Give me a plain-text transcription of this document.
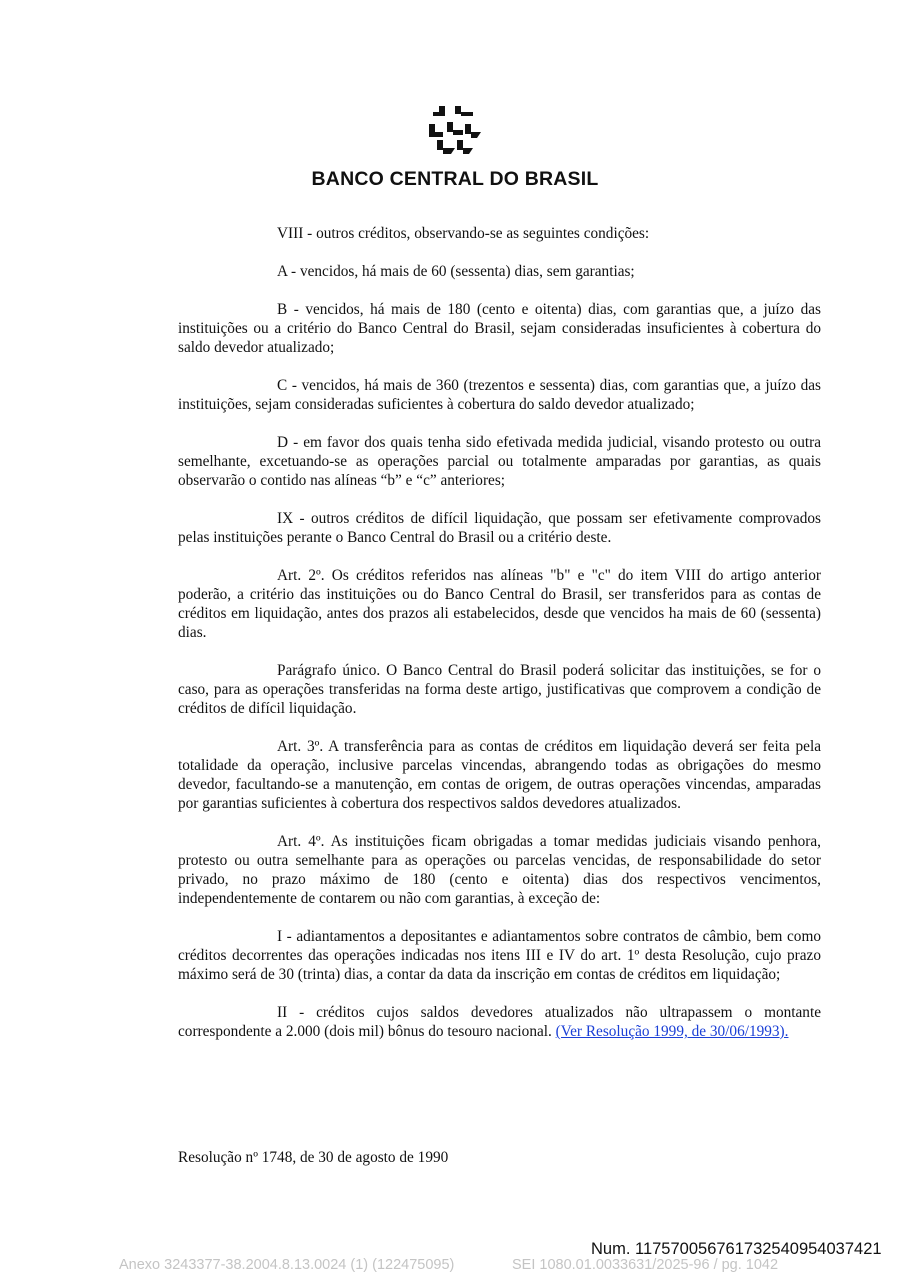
BANCO CENTRAL DO BRASIL

VIII - outros créditos, observando-se as seguintes condições:

A - vencidos, há mais de 60 (sessenta) dias, sem garantias;

B - vencidos, há mais de 180 (cento e oitenta) dias, com garantias que, a juízo das instituições ou a critério do Banco Central do Brasil, sejam consideradas insuficientes à cobertura do saldo devedor atualizado;

C - vencidos, há mais de 360 (trezentos e sessenta) dias, com garantias que, a juízo das instituições, sejam consideradas suficientes à cobertura do saldo devedor atualizado;

D - em favor dos quais tenha sido efetivada medida judicial, visando protesto ou outra semelhante, excetuando-se as operações parcial ou totalmente amparadas por garantias, as quais observarão o contido nas alíneas “b” e “c” anteriores;

IX - outros créditos de difícil liquidação, que possam ser efetivamente comprovados pelas instituições perante o Banco Central do Brasil ou a critério deste.

Art. 2º. Os créditos referidos nas alíneas "b" e "c" do item VIII do artigo anterior poderão, a critério das instituições ou do Banco Central do Brasil, ser transferidos para as contas de créditos em liquidação, antes dos prazos ali estabelecidos, desde que vencidos ha mais de 60 (sessenta) dias.

Parágrafo único. O Banco Central do Brasil poderá solicitar das instituições, se for o caso, para as operações transferidas na forma deste artigo, justificativas que comprovem a condição de créditos de difícil liquidação.

Art. 3º. A transferência para as contas de créditos em liquidação deverá ser feita pela totalidade da operação, inclusive parcelas vincendas, abrangendo todas as obrigações do mesmo devedor, facultando-se a manutenção, em contas de origem, de outras operações vincendas, amparadas por garantias suficientes à cobertura dos respectivos saldos devedores atualizados.

Art. 4º. As instituições ficam obrigadas a tomar medidas judiciais visando penhora, protesto ou outra semelhante para as operações ou parcelas vencidas, de responsabilidade do setor privado, no prazo máximo de 180 (cento e oitenta) dias dos respectivos vencimentos, independentemente de contarem ou não com garantias, à exceção de:

I - adiantamentos a depositantes e adiantamentos sobre contratos de câmbio, bem como créditos decorrentes das operações indicadas nos itens III e IV do art. 1º desta Resolução, cujo prazo máximo será de 30 (trinta) dias, a contar da data da inscrição em contas de créditos em liquidação;

II - créditos cujos saldos devedores atualizados não ultrapassem o montante correspondente a 2.000 (dois mil) bônus do tesouro nacional. (Ver Resolução 1999, de 30/06/1993).

Resolução nº 1748, de 30 de agosto de 1990
Num. 117570056761732540954037421
Anexo 3243377-38.2004.8.13.0024 (1) (122475095)	SEI 1080.01.0033631/2025-96 / pg. 1042
